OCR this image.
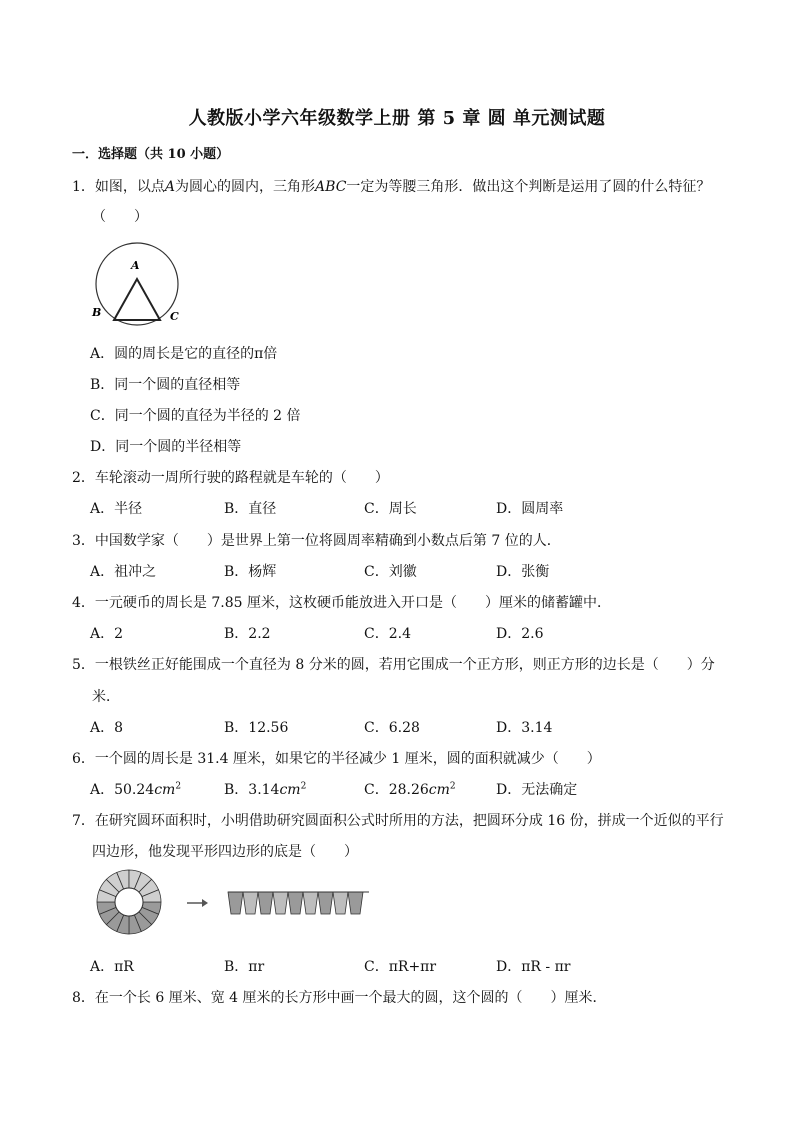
人教版小学六年级数学上册 第 5 章 圆 单元测试题
一．选择题（共 10 小题）
1．如图，以点A为圆心的圆内，三角形ABC一定为等腰三角形．做出这个判断是运用了圆的什么特征？
（　　）
A
B	C
A．圆的周长是它的直径的π倍
B．同一个圆的直径相等
C．同一个圆的直径为半径的 2 倍
D．同一个圆的半径相等
2．车轮滚动一周所行驶的路程就是车轮的（　　）
A．半径	B．直径	C．周长	D．圆周率
3．中国数学家（　　）是世界上第一位将圆周率精确到小数点后第 7 位的人．
A．祖冲之	B．杨辉	C．刘徽	D．张衡
4．一元硬币的周长是 7.85 厘米，这枚硬币能放进入开口是（　　）厘米的储蓄罐中．
A．2	B．2.2	C．2.4	D．2.6
5．一根铁丝正好能围成一个直径为 8 分米的圆，若用它围成一个正方形，则正方形的边长是（　　）分
米．
A．8	B．12.56	C．6.28	D．3.14
6．一个圆的周长是 31.4 厘米，如果它的半径减少 1 厘米，圆的面积就减少（　　）
A．$50.24cm^2$	B．$3.14cm^2$	C．$28.26cm^2$	D．无法确定
7．在研究圆环面积时，小明借助研究圆面积公式时所用的方法，把圆环分成 16 份，拼成一个近似的平行
四边形，他发现平形四边形的底是（　　）
A．πR	B．πr	C．πR+πr	D．πR - πr
8．在一个长 6 厘米、宽 4 厘米的长方形中画一个最大的圆，这个圆的（　　）厘米．
